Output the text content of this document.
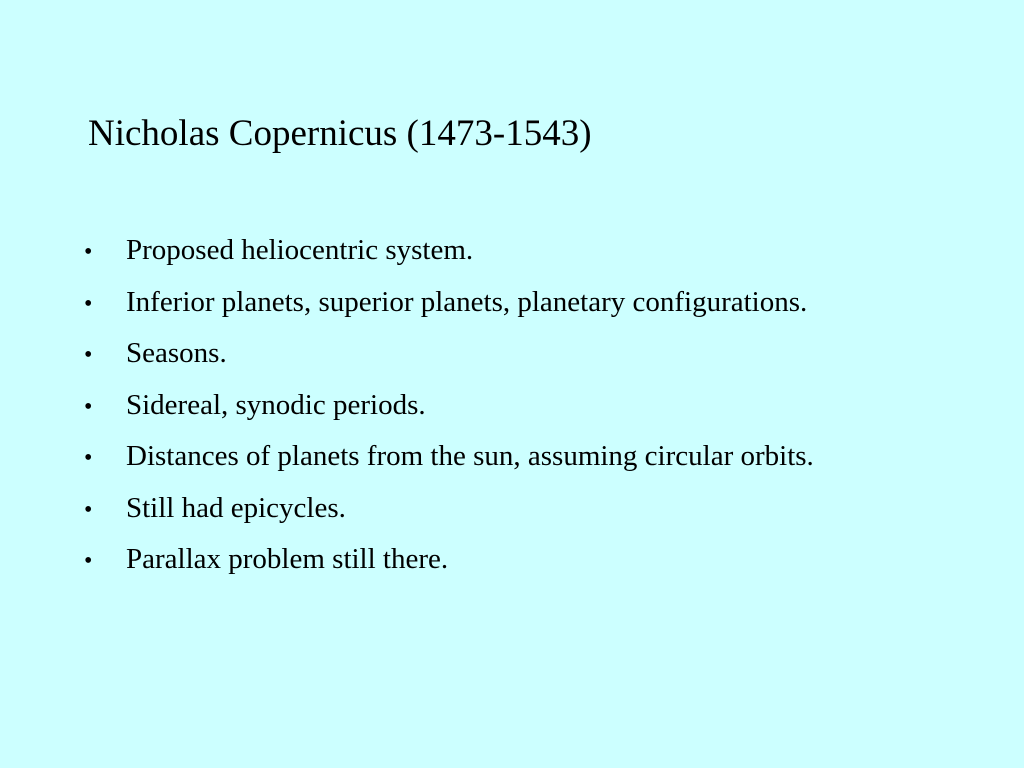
Nicholas Copernicus (1473-1543)
•	Proposed heliocentric system.
•	Inferior planets, superior planets, planetary configurations.
•	Seasons.
•	Sidereal, synodic periods.
•	Distances of planets from the sun, assuming circular orbits.
•	Still had epicycles.
•	Parallax problem still there.
